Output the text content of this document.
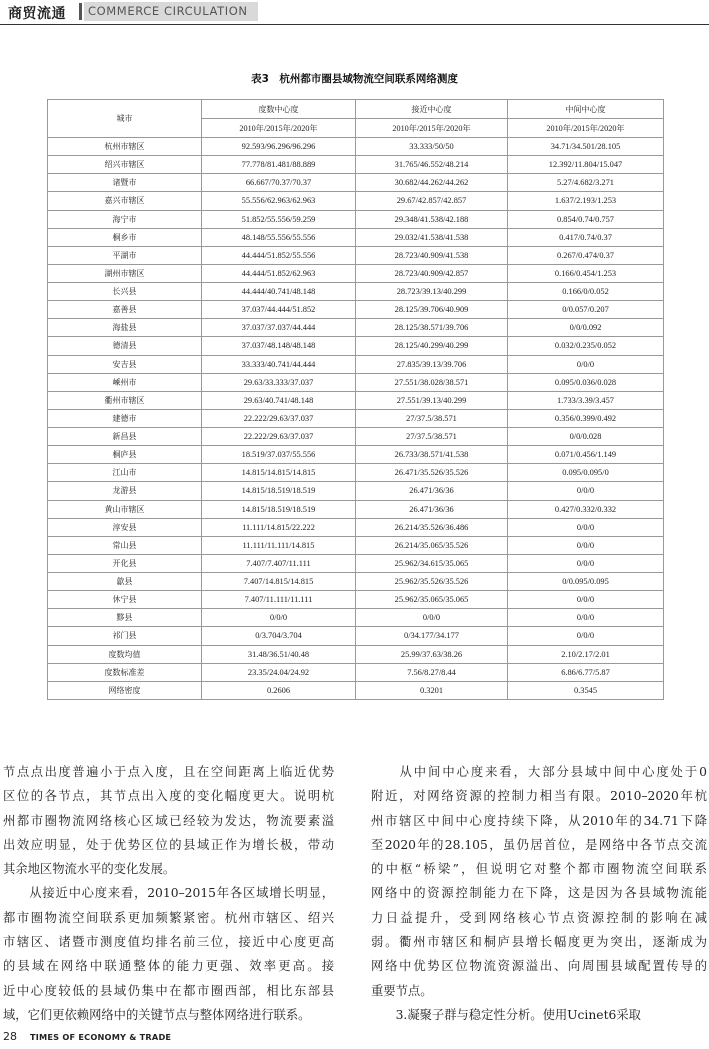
商贸流通	COMMERCE CIRCULATION
表3　杭州都市圈县域物流空间联系网络测度
城市	度数中心度	接近中心度	中间中心度
	2010年/2015年/2020年	2010年/2015年/2020年	2010年/2015年/2020年
杭州市辖区	92.593/96.296/96.296	33.333/50/50	34.71/34.501/28.105
绍兴市辖区	77.778/81.481/88.889	31.765/46.552/48.214	12.392/11.804/15.047
诸暨市	66.667/70.37/70.37	30.682/44.262/44.262	5.27/4.682/3.271
嘉兴市辖区	55.556/62.963/62.963	29.67/42.857/42.857	1.637/2.193/1.253
海宁市	51.852/55.556/59.259	29.348/41.538/42.188	0.854/0.74/0.757
桐乡市	48.148/55.556/55.556	29.032/41.538/41.538	0.417/0.74/0.37
平湖市	44.444/51.852/55.556	28.723/40.909/41.538	0.267/0.474/0.37
湖州市辖区	44.444/51.852/62.963	28.723/40.909/42.857	0.166/0.454/1.253
长兴县	44.444/40.741/48.148	28.723/39.13/40.299	0.166/0/0.052
嘉善县	37.037/44.444/51.852	28.125/39.706/40.909	0/0.057/0.207
海盐县	37.037/37.037/44.444	28.125/38.571/39.706	0/0/0.092
德清县	37.037/48.148/48.148	28.125/40.299/40.299	0.032/0.235/0.052
安吉县	33.333/40.741/44.444	27.835/39.13/39.706	0/0/0
嵊州市	29.63/33.333/37.037	27.551/38.028/38.571	0.095/0.036/0.028
衢州市辖区	29.63/40.741/48.148	27.551/39.13/40.299	1.733/3.39/3.457
建德市	22.222/29.63/37.037	27/37.5/38.571	0.356/0.399/0.492
新昌县	22.222/29.63/37.037	27/37.5/38.571	0/0/0.028
桐庐县	18.519/37.037/55.556	26.733/38.571/41.538	0.071/0.456/1.149
江山市	14.815/14.815/14.815	26.471/35.526/35.526	0.095/0.095/0
龙游县	14.815/18.519/18.519	26.471/36/36	0/0/0
黄山市辖区	14.815/18.519/18.519	26.471/36/36	0.427/0.332/0.332
淳安县	11.111/14.815/22.222	26.214/35.526/36.486	0/0/0
常山县	11.111/11.111/14.815	26.214/35.065/35.526	0/0/0
开化县	7.407/7.407/11.111	25.962/34.615/35.065	0/0/0
歙县	7.407/14.815/14.815	25.962/35.526/35.526	0/0.095/0.095
休宁县	7.407/11.111/11.111	25.962/35.065/35.065	0/0/0
黟县	0/0/0	0/0/0	0/0/0
祁门县	0/3.704/3.704	0/34.177/34.177	0/0/0
度数均值	31.48/36.51/40.48	25.99/37.63/38.26	2.10/2.17/2.01
度数标准差	23.35/24.04/24.92	7.56/8.27/8.44	6.86/6.77/5.87
网络密度	0.2606	0.3201	0.3545
节点点出度普遍小于点入度，且在空间距离上临近优势
区位的各节点，其节点出入度的变化幅度更大。说明杭
州都市圈物流网络核心区域已经较为发达，物流要素溢
出效应明显，处于优势区位的县域正作为增长极，带动
其余地区物流水平的变化发展。
　　从接近中心度来看，2010–2015年各区域增长明显，
都市圈物流空间联系更加频繁紧密。杭州市辖区、绍兴
市辖区、诸暨市测度值均排名前三位，接近中心度更高
的县域在网络中联通整体的能力更强、效率更高。接
近中心度较低的县域仍集中在都市圈西部，相比东部县
域，它们更依赖网络中的关键节点与整体网络进行联系。
　　从中间中心度来看，大部分县域中间中心度处于0
附近，对网络资源的控制力相当有限。2010–2020年杭
州市辖区中间中心度持续下降，从2010年的34.71下降
至2020年的28.105，虽仍居首位，是网络中各节点交流
的中枢“桥梁”，但说明它对整个都市圈物流空间联系
网络中的资源控制能力在下降，这是因为各县域物流能
力日益提升，受到网络核心节点资源控制的影响在减
弱。衢州市辖区和桐庐县增长幅度更为突出，逐渐成为
网络中优势区位物流资源溢出、向周围县域配置传导的
重要节点。
　　3.凝聚子群与稳定性分析。使用Ucinet6采取
28 TIMES OF ECONOMY & TRADE
